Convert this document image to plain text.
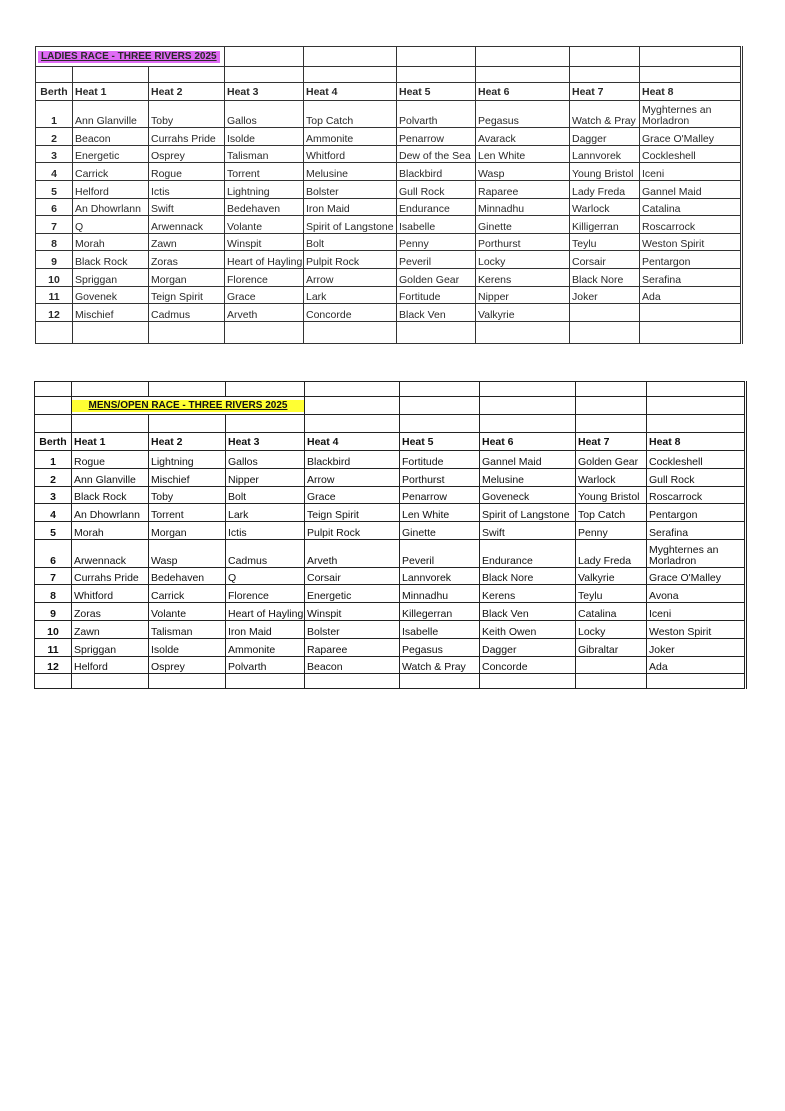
LADIES RACE - THREE RIVERS 2025								

Berth	Heat 1	Heat 2	Heat 3	Heat 4	Heat 5	Heat 6	Heat 7	Heat 8
1	Ann Glanville	Toby	Gallos	Top Catch	Polvarth	Pegasus	Watch & Pray	Myghternes an Morladron
2	Beacon	Currahs Pride	Isolde	Ammonite	Penarrow	Avarack	Dagger	Grace O'Malley
3	Energetic	Osprey	Talisman	Whitford	Dew of the Sea	Len White	Lannvorek	Cockleshell
4	Carrick	Rogue	Torrent	Melusine	Blackbird	Wasp	Young Bristol	Iceni
5	Helford	Ictis	Lightning	Bolster	Gull Rock	Raparee	Lady Freda	Gannel Maid
6	An Dhowrlann	Swift	Bedehaven	Iron Maid	Endurance	Minnadhu	Warlock	Catalina
7	Q	Arwennack	Volante	Spirit of Langstone	Isabelle	Ginette	Killigerran	Roscarrock
8	Morah	Zawn	Winspit	Bolt	Penny	Porthurst	Teylu	Weston Spirit
9	Black Rock	Zoras	Heart of Hayling	Pulpit Rock	Peveril	Locky	Corsair	Pentargon
10	Spriggan	Morgan	Florence	Arrow	Golden Gear	Kerens	Black Nore	Serafina
11	Govenek	Teign Spirit	Grace	Lark	Fortitude	Nipper	Joker	Ada
12	Mischief	Cadmus	Arveth	Concorde	Black Ven	Valkyrie		

	MENS/OPEN RACE - THREE RIVERS 2025							

Berth	Heat 1	Heat 2	Heat 3	Heat 4	Heat 5	Heat 6	Heat 7	Heat 8
1	Rogue	Lightning	Gallos	Blackbird	Fortitude	Gannel Maid	Golden Gear	Cockleshell
2	Ann Glanville	Mischief	Nipper	Arrow	Porthurst	Melusine	Warlock	Gull Rock
3	Black Rock	Toby	Bolt	Grace	Penarrow	Goveneck	Young Bristol	Roscarrock
4	An Dhowrlann	Torrent	Lark	Teign Spirit	Len White	Spirit of Langstone	Top Catch	Pentargon
5	Morah	Morgan	Ictis	Pulpit Rock	Ginette	Swift	Penny	Serafina
6	Arwennack	Wasp	Cadmus	Arveth	Peveril	Endurance	Lady Freda	Myghternes an Morladron
7	Currahs Pride	Bedehaven	Q	Corsair	Lannvorek	Black Nore	Valkyrie	Grace O'Malley
8	Whitford	Carrick	Florence	Energetic	Minnadhu	Kerens	Teylu	Avona
9	Zoras	Volante	Heart of Hayling	Winspit	Killegerran	Black Ven	Catalina	Iceni
10	Zawn	Talisman	Iron Maid	Bolster	Isabelle	Keith Owen	Locky	Weston Spirit
11	Spriggan	Isolde	Ammonite	Raparee	Pegasus	Dagger	Gibraltar	Joker
12	Helford	Osprey	Polvarth	Beacon	Watch & Pray	Concorde		Ada
